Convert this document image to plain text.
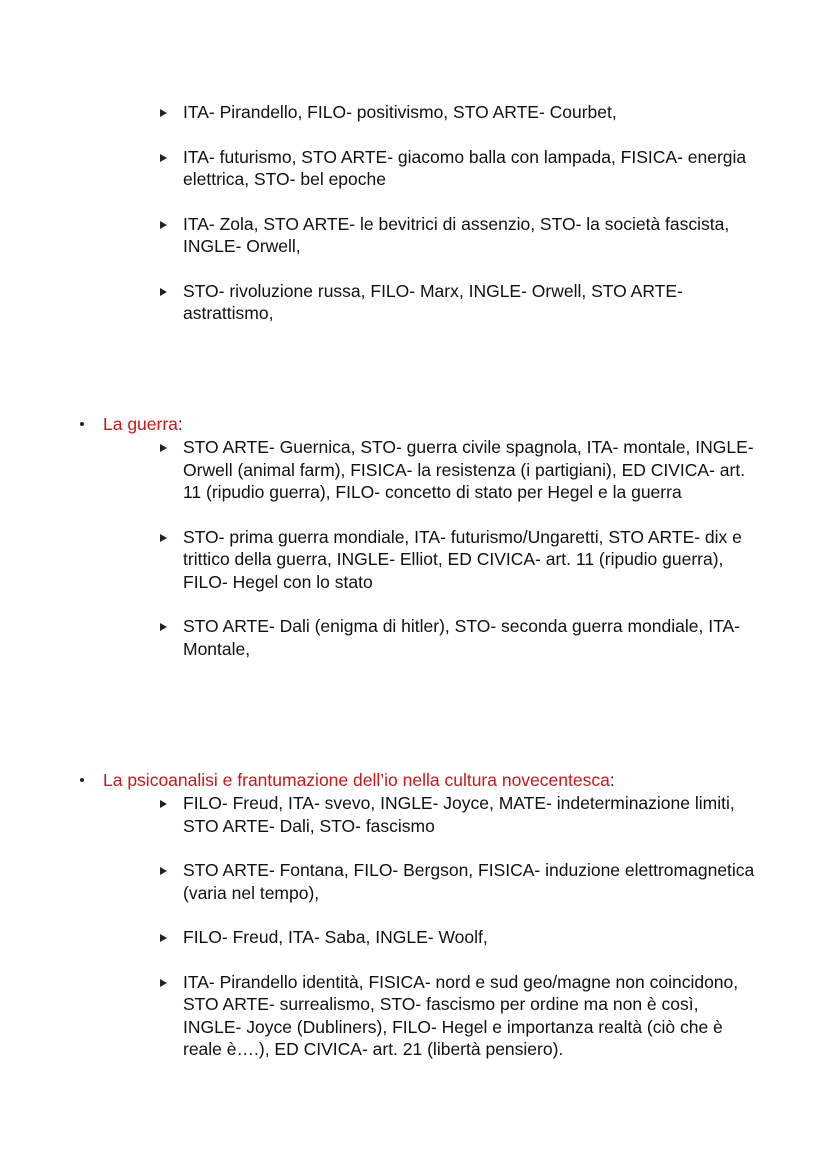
ITA- Pirandello, FILO- positivismo, STO ARTE- Courbet,
ITA- futurismo, STO ARTE- giacomo balla con lampada, FISICA- energia elettrica, STO- bel epoche
ITA- Zola, STO ARTE- le bevitrici di assenzio, STO- la società fascista, INGLE- Orwell,
STO- rivoluzione russa, FILO- Marx, INGLE- Orwell, STO ARTE- astrattismo,
La guerra:
STO ARTE- Guernica, STO- guerra civile spagnola, ITA- montale, INGLE- Orwell (animal farm), FISICA- la resistenza (i partigiani), ED CIVICA- art. 11 (ripudio guerra), FILO- concetto di stato per Hegel e la guerra
STO- prima guerra mondiale, ITA- futurismo/Ungaretti, STO ARTE- dix e trittico della guerra, INGLE- Elliot, ED CIVICA- art. 11 (ripudio guerra), FILO- Hegel con lo stato
STO ARTE- Dali (enigma di hitler), STO- seconda guerra mondiale, ITA- Montale,
La psicoanalisi e frantumazione dell’io nella cultura novecentesca:
FILO- Freud, ITA- svevo, INGLE- Joyce, MATE- indeterminazione limiti, STO ARTE- Dali, STO- fascismo
STO ARTE- Fontana, FILO- Bergson, FISICA- induzione elettromagnetica (varia nel tempo),
FILO- Freud, ITA- Saba, INGLE- Woolf,
ITA- Pirandello identità, FISICA- nord e sud geo/magne non coincidono, STO ARTE- surrealismo, STO- fascismo per ordine ma non è così, INGLE- Joyce (Dubliners), FILO- Hegel e importanza realtà (ciò che è reale è….), ED CIVICA- art. 21 (libertà pensiero).
